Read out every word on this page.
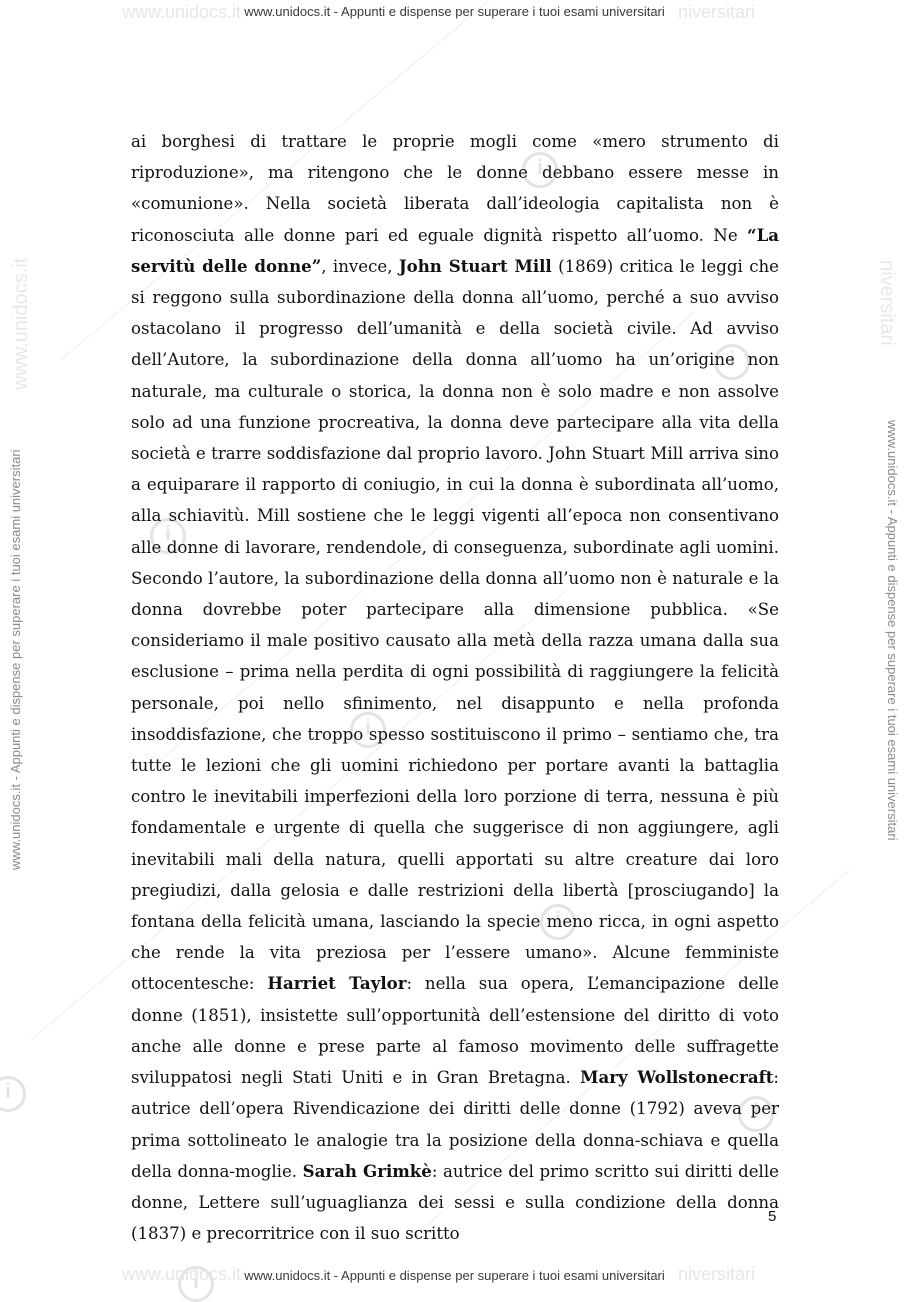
i
i
i
i
i
i
i
i
www.unidocs.it	niversitari
www.unidocs.it	niversitari
www.unidocs.it	niversitari
www.unidocs.it - Appunti e dispense per superare i tuoi esami universitari
www.unidocs.it - Appunti e dispense per superare i tuoi esami universitari	www.unidocs.it - Appunti e dispense per superare i tuoi esami universitari
www.unidocs.it - Appunti e dispense per superare i tuoi esami universitari

ai borghesi di trattare le proprie mogli come «mero strumento di riproduzione», ma ritengono che le donne debbano essere messe in «comunione». Nella società liberata dall’ideologia capitalista non è riconosciuta alle donne pari ed eguale dignità rispetto all’uomo. Ne “La servitù delle donne”, invece, John Stuart Mill (1869) critica le leggi che si reggono sulla subordinazione della donna all’uomo, perché a suo avviso ostacolano il progresso dell’umanità e della società civile. Ad avviso dell’Autore, la subordinazione della donna all’uomo ha un’origine non naturale, ma culturale o storica, la donna non è solo madre e non assolve solo ad una funzione procreativa, la donna deve partecipare alla vita della società e trarre soddisfazione dal proprio lavoro. John Stuart Mill arriva sino a equiparare il rapporto di coniugio, in cui la donna è subordinata all’uomo, alla schiavitù. Mill sostiene che le leggi vigenti all’epoca non consentivano alle donne di lavorare, rendendole, di conseguenza, subordinate agli uomini. Secondo l’autore, la subordinazione della donna all’uomo non è naturale e la donna dovrebbe poter partecipare alla dimensione pubblica. «Se consideriamo il male positivo causato alla metà della razza umana dalla sua esclusione – prima nella perdita di ogni possibilità di raggiungere la felicità personale, poi nello sfinimento, nel disappunto e nella profonda insoddisfazione, che troppo spesso sostituiscono il primo – sentiamo che, tra tutte le lezioni che gli uomini richiedono per portare avanti la battaglia contro le inevitabili imperfezioni della loro porzione di terra, nessuna è più fondamentale e urgente di quella che suggerisce di non aggiungere, agli inevitabili mali della natura, quelli apportati su altre creature dai loro pregiudizi, dalla gelosia e dalle restrizioni della libertà [prosciugando] la fontana della felicità umana, lasciando la specie meno ricca, in ogni aspetto che rende la vita preziosa per l’essere umano». Alcune femministe ottocentesche: Harriet Taylor: nella sua opera, L’emancipazione delle donne (1851), insistette sull’opportunità dell’estensione del diritto di voto anche alle donne e prese parte al famoso movimento delle suffragette sviluppatosi negli Stati Uniti e in Gran Bretagna. Mary Wollstonecraft: autrice dell’opera Rivendicazione dei diritti delle donne (1792) aveva per prima sottolineato le analogie tra la posizione della donna-schiava e quella della donna-moglie. Sarah Grimkè: autrice del primo scritto sui diritti delle donne, Lettere sull’uguaglianza dei sessi e sulla condizione della donna (1837) e precorritrice con il suo scritto

5
